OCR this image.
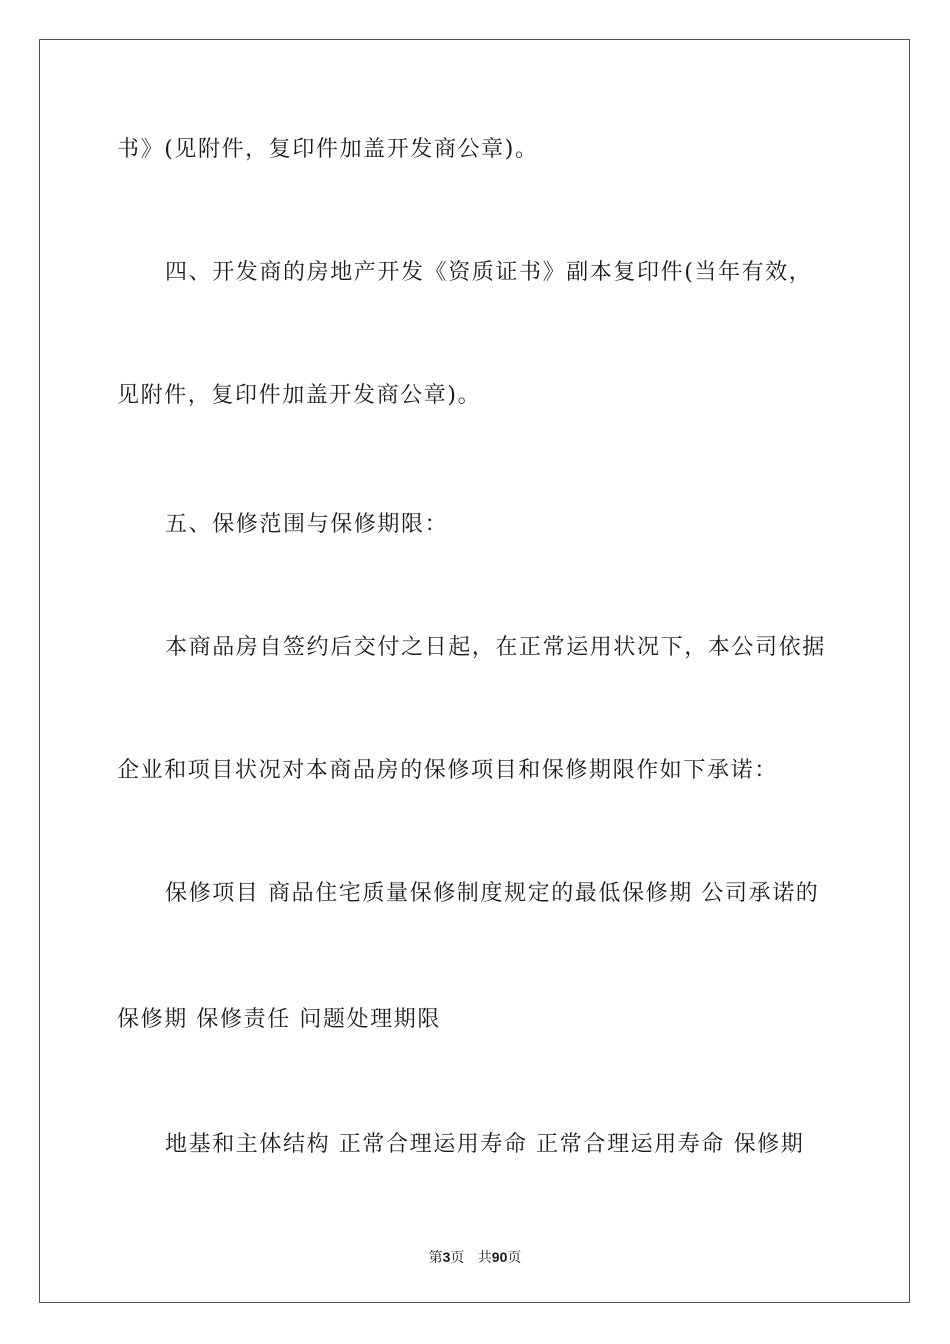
书》(见附件，复印件加盖开发商公章)。

四、开发商的房地产开发《资质证书》副本复印件(当年有效，

见附件，复印件加盖开发商公章)。

五、保修范围与保修期限：

本商品房自签约后交付之日起，在正常运用状况下，本公司依据

企业和项目状况对本商品房的保修项目和保修期限作如下承诺：

保修项目 商品住宅质量保修制度规定的最低保修期 公司承诺的

保修期 保修责任 问题处理期限

地基和主体结构 正常合理运用寿命 正常合理运用寿命 保修期

第3页   共90页
